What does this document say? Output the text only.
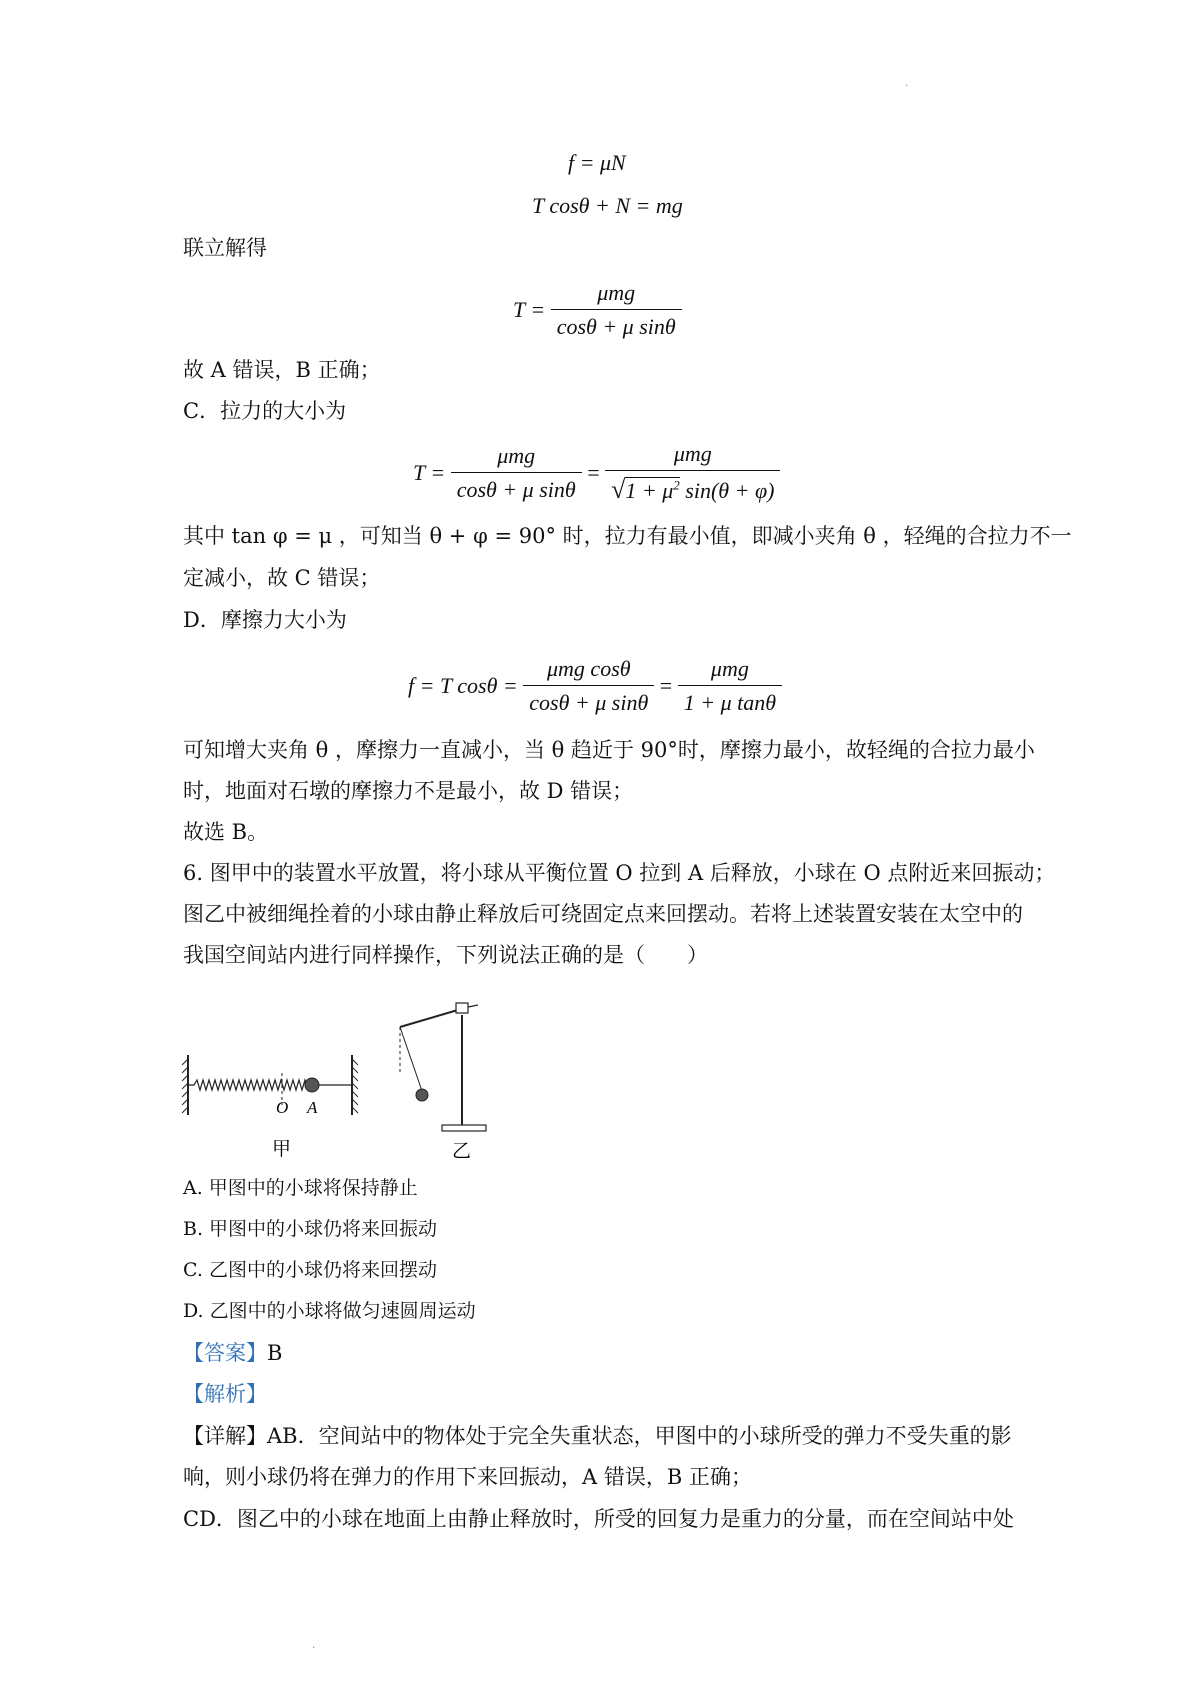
.
f = μN
T cosθ + N = mg
联立解得
$T = \frac{\text{μmg}}{\text{cosθ + μ sinθ}}$
故 A 错误，B 正确；
C．拉力的大小为
$T = \frac{\text{μmg}}{\text{cosθ + μ sinθ}} = \frac{\text{μmg}}{√1 + \mu^2 \sin(\theta + \varphi)}$
其中 tan φ = μ ，可知当 θ + φ = 90° 时，拉力有最小值，即减小夹角 θ ，轻绳的合拉力不一
定减小，故 C 错误；
D．摩擦力大小为
f = T $\cos\theta = \frac{\text{μmg cosθ}}{\text{cosθ + μ sinθ}} = \frac{\text{μmg}}{\text{1 + μ tanθ}}$
可知增大夹角 θ ，摩擦力一直减小，当 θ 趋近于 90°时，摩擦力最小，故轻绳的合拉力最小
时，地面对石墩的摩擦力不是最小，故 D 错误；
故选 B。
6. 图甲中的装置水平放置，将小球从平衡位置 O 拉到 A 后释放，小球在 O 点附近来回振动；
图乙中被细绳拴着的小球由静止释放后可绕固定点来回摆动。若将上述装置安装在太空中的
我国空间站内进行同样操作，下列说法正确的是（　　）
O A
甲	乙
A. 甲图中的小球将保持静止
B. 甲图中的小球仍将来回振动
C. 乙图中的小球仍将来回摆动
D. 乙图中的小球将做匀速圆周运动
【答案】B
【解析】
【详解】AB．空间站中的物体处于完全失重状态，甲图中的小球所受的弹力不受失重的影
响，则小球仍将在弹力的作用下来回振动，A 错误，B 正确；
CD．图乙中的小球在地面上由静止释放时，所受的回复力是重力的分量，而在空间站中处
.
